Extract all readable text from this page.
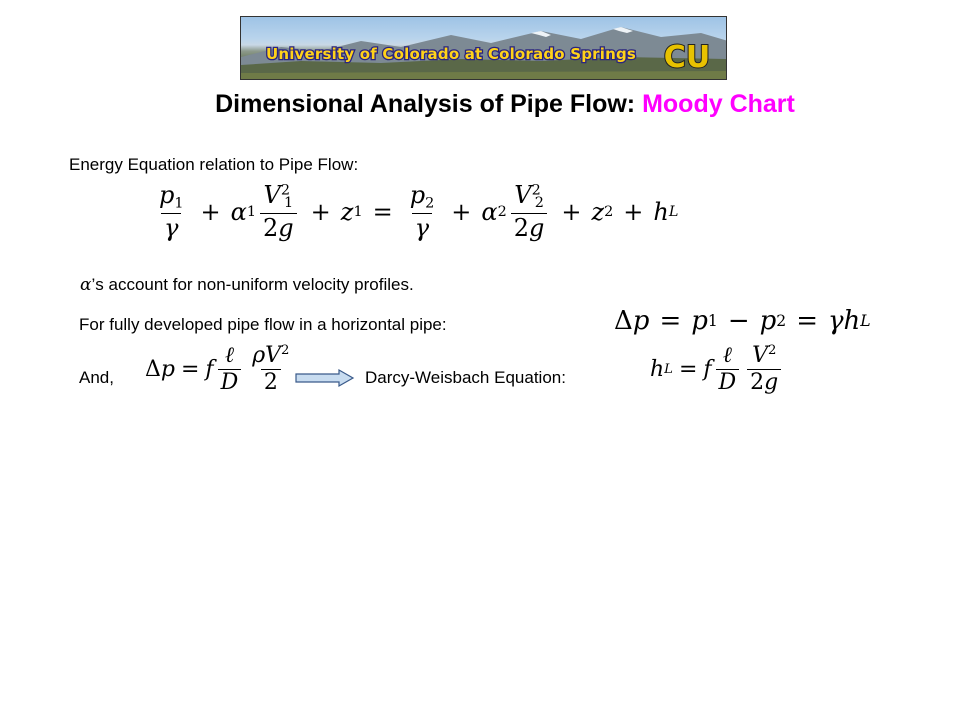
University of Colorado at Colorado Springs CU
Dimensional Analysis of Pipe Flow: Moody Chart
Energy Equation relation to Pipe Flow:
$\frac{p_1}{\gamma} + \alpha$ $1 \frac{V^2_1}{2g} + z$ $1 = \frac{p_2}{\gamma} + \alpha$ $2 \frac{V^2_2}{2g} + z$ 2 + h L
α’s account for non-uniform velocity profiles.
For fully developed pipe flow in a horizontal pipe:	Δ p = p 1 − p 2 = γh L
And, Δ p = f $\frac{\text{ℓ}}{D} \frac{\rho V^2}{2}$	Darcy-Weisbach Equation:	h L = f $\frac{\text{ℓ}}{D} \frac{V^2}{2g}$
